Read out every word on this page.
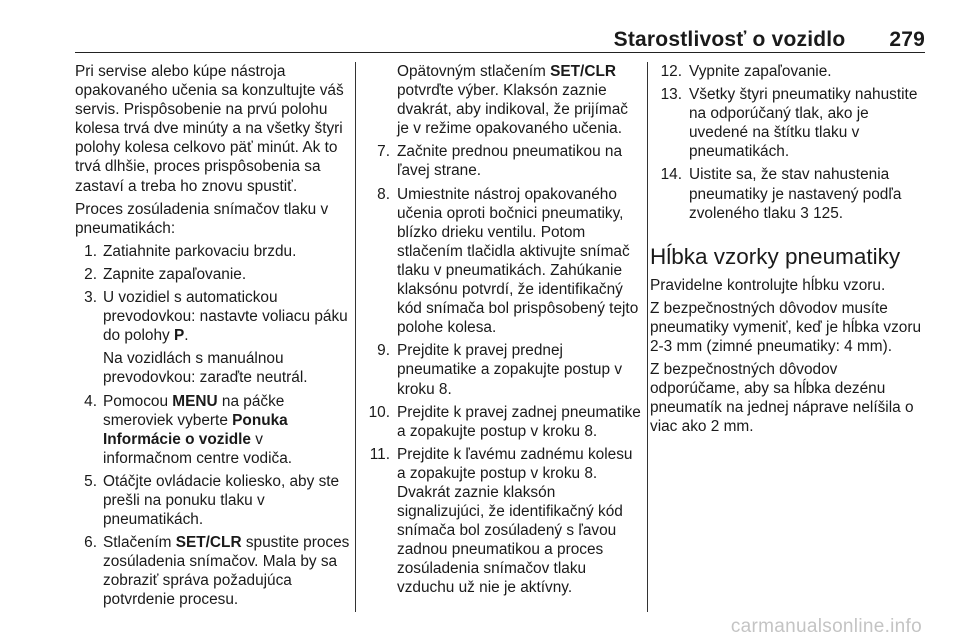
Starostlivosť o vozidlo 279

Pri servise alebo kúpe nástroja opakovaného učenia sa konzultujte váš servis. Prispôsobenie na prvú polohu kolesa trvá dve minúty a na všetky štyri polohy kolesa celkovo päť minút. Ak to trvá dlhšie, proces prispôsobenia sa zastaví a treba ho znovu spustiť.

Proces zosúladenia snímačov tlaku v pneumatikách:

1. Zatiahnite parkovaciu brzdu.
2. Zapnite zapaľovanie.
3. U vozidiel s automatickou prevodovkou: nastavte voliacu páku do polohy P.
Na vozidlách s manuálnou prevodovkou: zaraďte neutrál.
4. Pomocou MENU na páčke smeroviek vyberte Ponuka Informácie o vozidle v informačnom centre vodiča.
5. Otáčjte ovládacie koliesko, aby ste prešli na ponuku tlaku v pneumatikách.
6. Stlačením SET/CLR spustite proces zosúladenia snímačov. Mala by sa zobraziť správa požadujúca potvrdenie procesu.
Opätovným stlačením SET/CLR potvrďte výber. Klaksón zaznie dvakrát, aby indikoval, že prijímač je v režime opakovaného učenia.
7. Začnite prednou pneumatikou na ľavej strane.
8. Umiestnite nástroj opakovaného učenia oproti bočnici pneumatiky, blízko drieku ventilu. Potom stlačením tlačidla aktivujte snímač tlaku v pneumatikách. Zahúkanie klaksónu potvrdí, že identifikačný kód snímača bol prispôsobený tejto polohe kolesa.
9. Prejdite k pravej prednej pneumatike a zopakujte postup v kroku 8.
10. Prejdite k pravej zadnej pneumatike a zopakujte postup v kroku 8.
11. Prejdite k ľavému zadnému kolesu a zopakujte postup v kroku 8. Dvakrát zaznie klaksón signalizujúci, že identifikačný kód snímača bol zosúladený s ľavou zadnou pneumatikou a proces zosúladenia snímačov tlaku vzduchu už nie je aktívny.
12. Vypnite zapaľovanie.
13. Všetky štyri pneumatiky nahustite na odporúčaný tlak, ako je uvedené na štítku tlaku v pneumatikách.
14. Uistite sa, že stav nahustenia pneumatiky je nastavený podľa zvoleného tlaku 3 125.
Hĺbka vzorky pneumatiky

Pravidelne kontrolujte hĺbku vzoru.

Z bezpečnostných dôvodov musíte pneumatiky vymeniť, keď je hĺbka vzoru 2-3 mm (zimné pneumatiky: 4 mm).

Z bezpečnostných dôvodov odporúčame, aby sa hĺbka dezénu pneumatík na jednej náprave nelíšila o viac ako 2 mm.

carmanualsonline.info
